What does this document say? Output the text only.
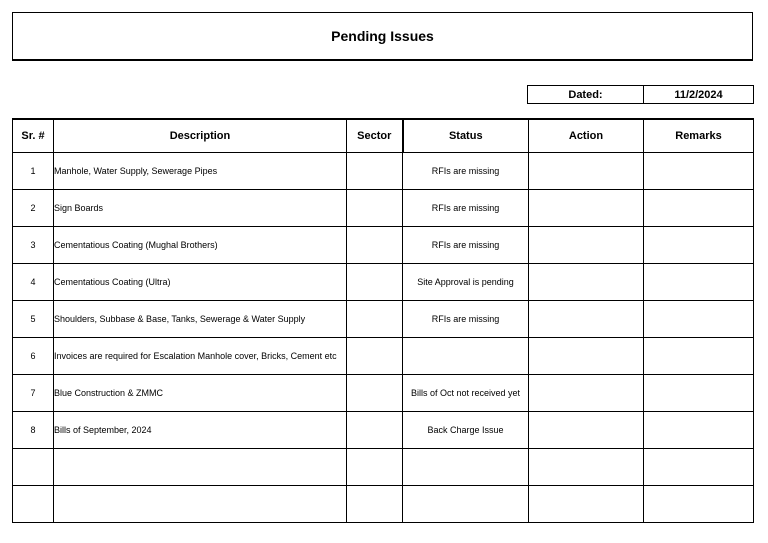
Pending Issues
Dated:	11/2/2024
Sr. #	Description	Sector	Status	Action	Remarks
1	Manhole, Water Supply, Sewerage Pipes		RFIs are missing		
2	Sign Boards		RFIs are missing		
3	Cementatious Coating (Mughal Brothers)		RFIs are missing		
4	Cementatious Coating (Ultra)		Site Approval is pending		
5	Shoulders, Subbase & Base, Tanks, Sewerage & Water Supply		RFIs are missing		
6	Invoices are required for Escalation Manhole cover, Bricks, Cement etc				
7	Blue Construction & ZMMC		Bills of Oct not received yet		
8	Bills of September, 2024		Back Charge Issue		
